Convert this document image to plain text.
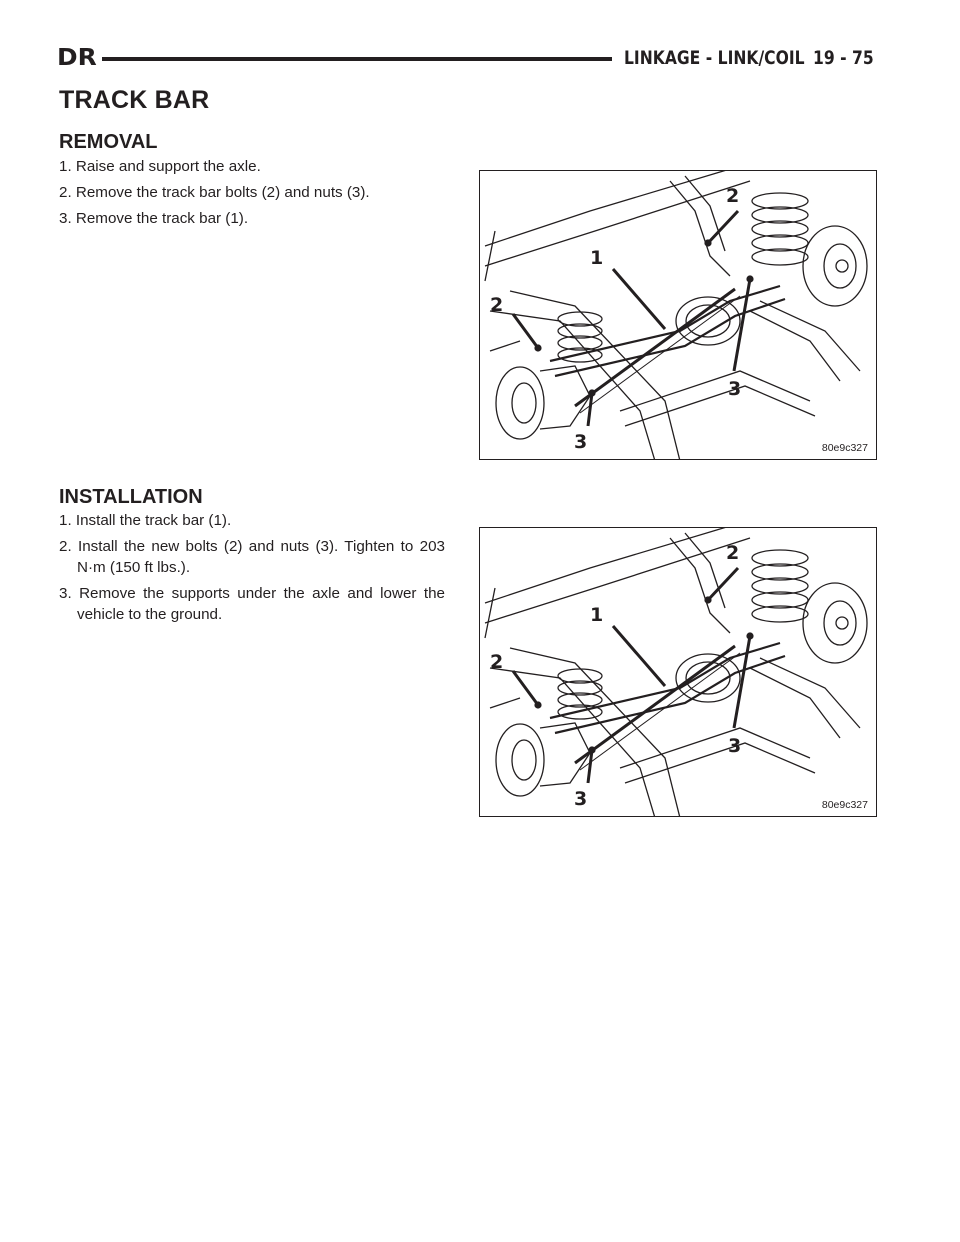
DR	LINKAGE - LINK/COIL 19 - 75
TRACK BAR
REMOVAL
1. Raise and support the axle.
2. Remove the track bar bolts (2) and nuts (3).
3. Remove the track bar (1).
1
2
2
3
3	80e9c327
INSTALLATION
1. Install the track bar (1).
2. Install the new bolts (2) and nuts (3). Tighten to 203 N·m (150 ft lbs.).
3. Remove the supports under the axle and lower the vehicle to the ground.	1
2
2
3
3	80e9c327
